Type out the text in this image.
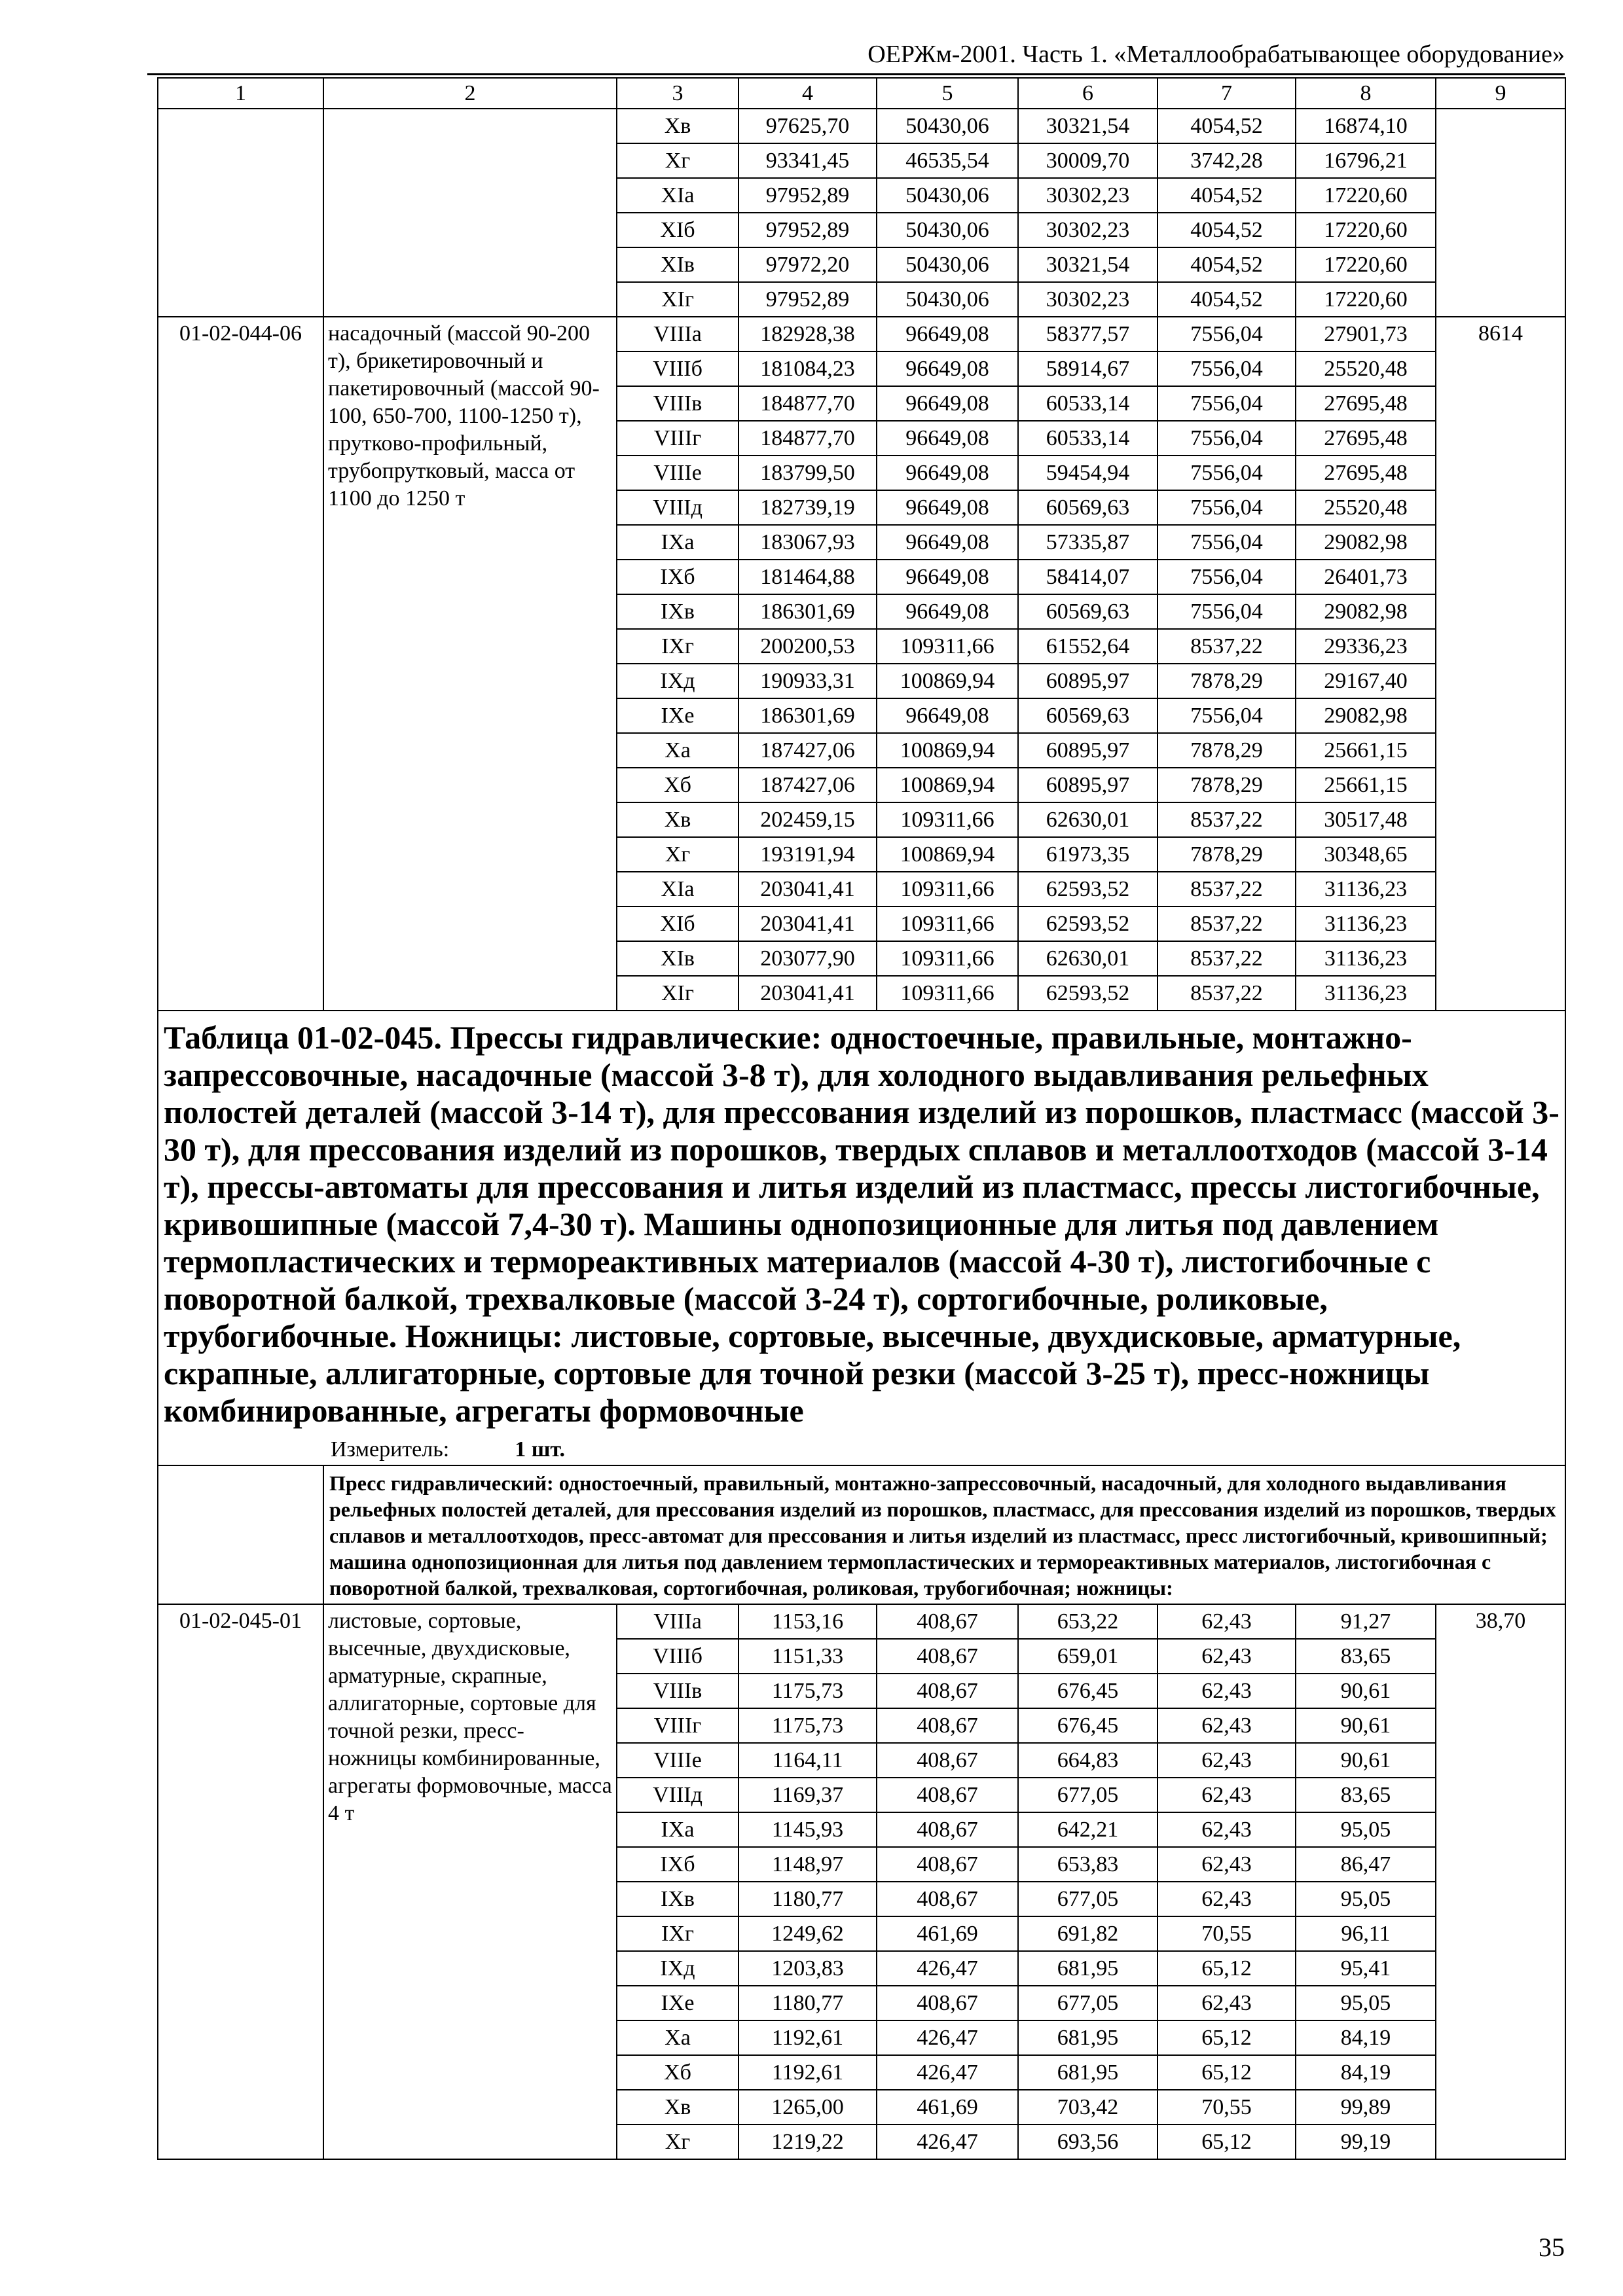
ОЕРЖм-2001. Часть 1. «Металлообрабатывающее оборудование»
1	2	3	4	5	6	7	8	9
		Xв	97625,70	50430,06	30321,54	4054,52	16874,10	
		Xг	93341,45	46535,54	30009,70	3742,28	16796,21	
		XIа	97952,89	50430,06	30302,23	4054,52	17220,60	
		XIб	97952,89	50430,06	30302,23	4054,52	17220,60	
		XIв	97972,20	50430,06	30321,54	4054,52	17220,60	
		XIг	97952,89	50430,06	30302,23	4054,52	17220,60	
01-02-044-06	насадочный (массой 90-200 т), брикетировочный и пакетировочный (массой 90-100, 650-700, 1100-1250 т), прутково-профильный, трубопрутковый, масса от 1100 до 1250 т	VIIIа	182928,38	96649,08	58377,57	7556,04	27901,73	8614
		VIIIб	181084,23	96649,08	58914,67	7556,04	25520,48	
		VIIIв	184877,70	96649,08	60533,14	7556,04	27695,48	
		VIIIг	184877,70	96649,08	60533,14	7556,04	27695,48	
		VIIIе	183799,50	96649,08	59454,94	7556,04	27695,48	
		VIIIд	182739,19	96649,08	60569,63	7556,04	25520,48	
		IXа	183067,93	96649,08	57335,87	7556,04	29082,98	
		IXб	181464,88	96649,08	58414,07	7556,04	26401,73	
		IXв	186301,69	96649,08	60569,63	7556,04	29082,98	
		IXг	200200,53	109311,66	61552,64	8537,22	29336,23	
		IXд	190933,31	100869,94	60895,97	7878,29	29167,40	
		IXе	186301,69	96649,08	60569,63	7556,04	29082,98	
		Xа	187427,06	100869,94	60895,97	7878,29	25661,15	
		Xб	187427,06	100869,94	60895,97	7878,29	25661,15	
		Xв	202459,15	109311,66	62630,01	8537,22	30517,48	
		Xг	193191,94	100869,94	61973,35	7878,29	30348,65	
		XIа	203041,41	109311,66	62593,52	8537,22	31136,23	
		XIб	203041,41	109311,66	62593,52	8537,22	31136,23	
		XIв	203077,90	109311,66	62630,01	8537,22	31136,23	
		XIг	203041,41	109311,66	62593,52	8537,22	31136,23	

Таблица 01-02-045. Прессы гидравлические: одностоечные, правильные, монтажно-запрессовочные, насадочные (массой 3-8 т), для холодного выдавливания рельефных полостей деталей (массой 3-14 т), для прессования изделий из порошков, пластмасс (массой 3-30 т), для прессования изделий из порошков, твердых сплавов и металлоотходов (массой 3-14 т), прессы-автоматы для прессования и литья изделий из пластмасс, прессы листогибочные, кривошипные (массой 7,4-30 т). Машины однопозиционные для литья под давлением термопластических и термореактивных материалов (массой 4-30 т), листогибочные с поворотной балкой, трехвалковые (массой 3-24 т), сортогибочные, роликовые, трубогибочные. Ножницы: листовые, сортовые, высечные, двухдисковые, арматурные, скрапные, аллигаторные, сортовые для точной резки (массой 3-25 т), пресс-ножницы комбинированные, агрегаты формовочные
Измеритель: 1 шт.								

	Пресс гидравлический: одностоечный, правильный, монтажно-запрессовочный, насадочный, для холодного выдавливания рельефных полостей деталей, для прессования изделий из порошков, пластмасс, для прессования изделий из порошков, твердых сплавов и металлоотходов, пресс-автомат для прессования и литья изделий из пластмасс, пресс листогибочный, кривошипный; машина однопозиционная для литья под давлением термопластических и термореактивных материалов, листогибочная с поворотной балкой, трехвалковая, сортогибочная, роликовая, трубогибочная; ножницы:							
01-02-045-01	листовые, сортовые, высечные, двухдисковые, арматурные, скрапные, аллигаторные, сортовые для точной резки, пресс-ножницы комбинированные, агрегаты формовочные, масса 4 т	VIIIа	1153,16	408,67	653,22	62,43	91,27	38,70
		VIIIб	1151,33	408,67	659,01	62,43	83,65	
		VIIIв	1175,73	408,67	676,45	62,43	90,61	
		VIIIг	1175,73	408,67	676,45	62,43	90,61	
		VIIIе	1164,11	408,67	664,83	62,43	90,61	
		VIIIд	1169,37	408,67	677,05	62,43	83,65	
		IXа	1145,93	408,67	642,21	62,43	95,05	
		IXб	1148,97	408,67	653,83	62,43	86,47	
		IXв	1180,77	408,67	677,05	62,43	95,05	
		IXг	1249,62	461,69	691,82	70,55	96,11	
		IXд	1203,83	426,47	681,95	65,12	95,41	
		IXе	1180,77	408,67	677,05	62,43	95,05	
		Xа	1192,61	426,47	681,95	65,12	84,19	
		Xб	1192,61	426,47	681,95	65,12	84,19	
		Xв	1265,00	461,69	703,42	70,55	99,89	
		Xг	1219,22	426,47	693,56	65,12	99,19	
35
